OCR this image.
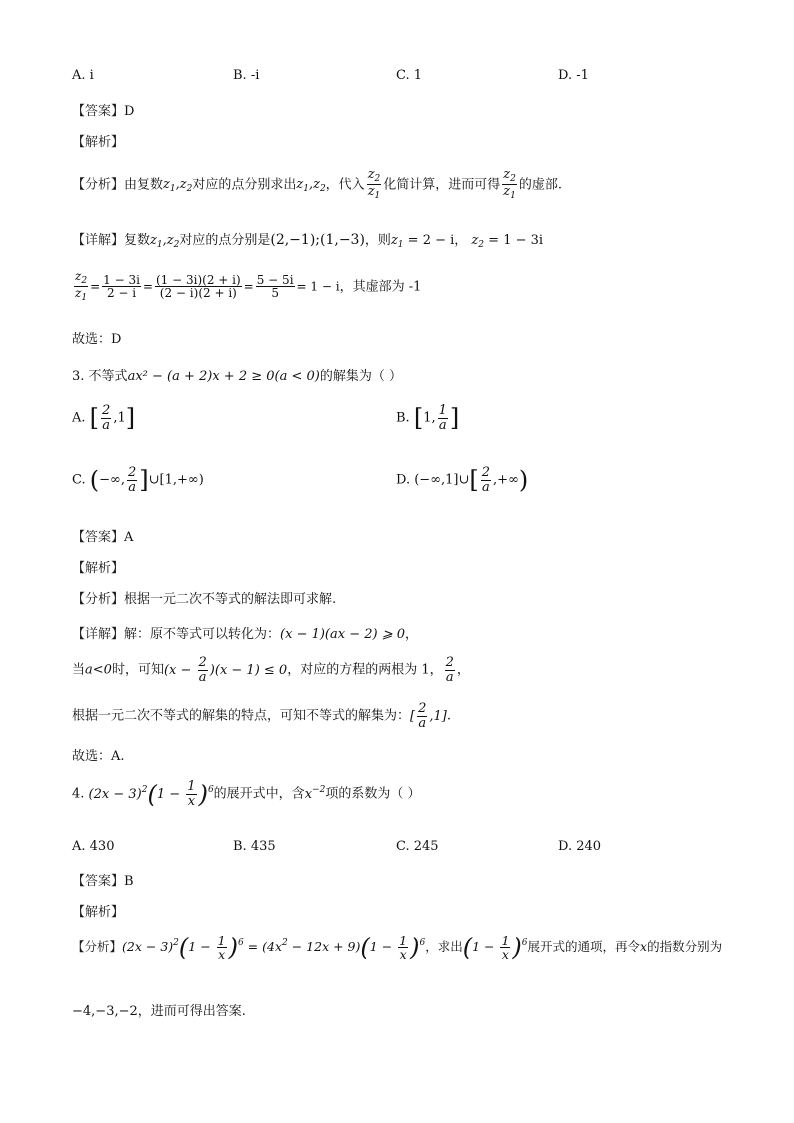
A. i	B. -i	C. 1	D. -1
【答案】D
【解析】
【分析】由复数$z_1,z_2$对应的点分别求出$z_1,z_2$，代入 $\frac{z_2}{z_1}$ 化简计算，进而可得 $\frac{z_2}{z_1}$ 的虚部.
【详解】复数$z_1,z_2$对应的点分别是(2,−1);(1,−3)，则$z_1 = 2 - i$， $z_2 = 1 - 3i$
$\frac{z_2}{z_1} = \frac{1 - 3i}{2 - i} = \frac{(1 - 3i)(2 + i)}{(2 - i)(2 + i)} = \frac{5 - 5i}{5} = 1 - i$，其虚部为 -1
故选：D
3. 不等式ax² − (a + 2)x + 2 ≥ 0(a < 0)的解集为（ ）
A. [ $\frac{2}{a} ,1$]	B. [1, $\frac{1}{a}$ ]
C. (−∞, $\frac{2}{a}$ ]∪[1,+∞)	D. (−∞,1]∪[ $\frac{2}{a}$ ,+∞)
【答案】A
【解析】
【分析】根据一元二次不等式的解法即可求解.
【详解】解：原不等式可以转化为：(x − 1)(ax − 2) ⩾ 0，
当a<0时，可知$(x - \frac{2}{a} )(x - 1) \le 0$，对应的方程的两根为 1， $\frac{2}{a}$ ，
根据一元二次不等式的解集的特点，可知不等式的解集为：[ $\frac{2}{a} ,1$].
故选：A.
4. $(2x - 3)^2(1 - \frac{1}{x} )^6$的展开式中，含$x^{-2}$项的系数为（ ）
A. 430	B. 435	C. 245	D. 240
【答案】B
【解析】
【分析】$(2x - 3)^2(1 - \frac{1}{x} )^6 = (4x^2 - 12x + 9)(1 - \frac{1}{x} )^6$，求出$(1 - \frac{1}{x} )^6$展开式的通项，再令x的指数分别为
−4,−3,−2，进而可得出答案.
